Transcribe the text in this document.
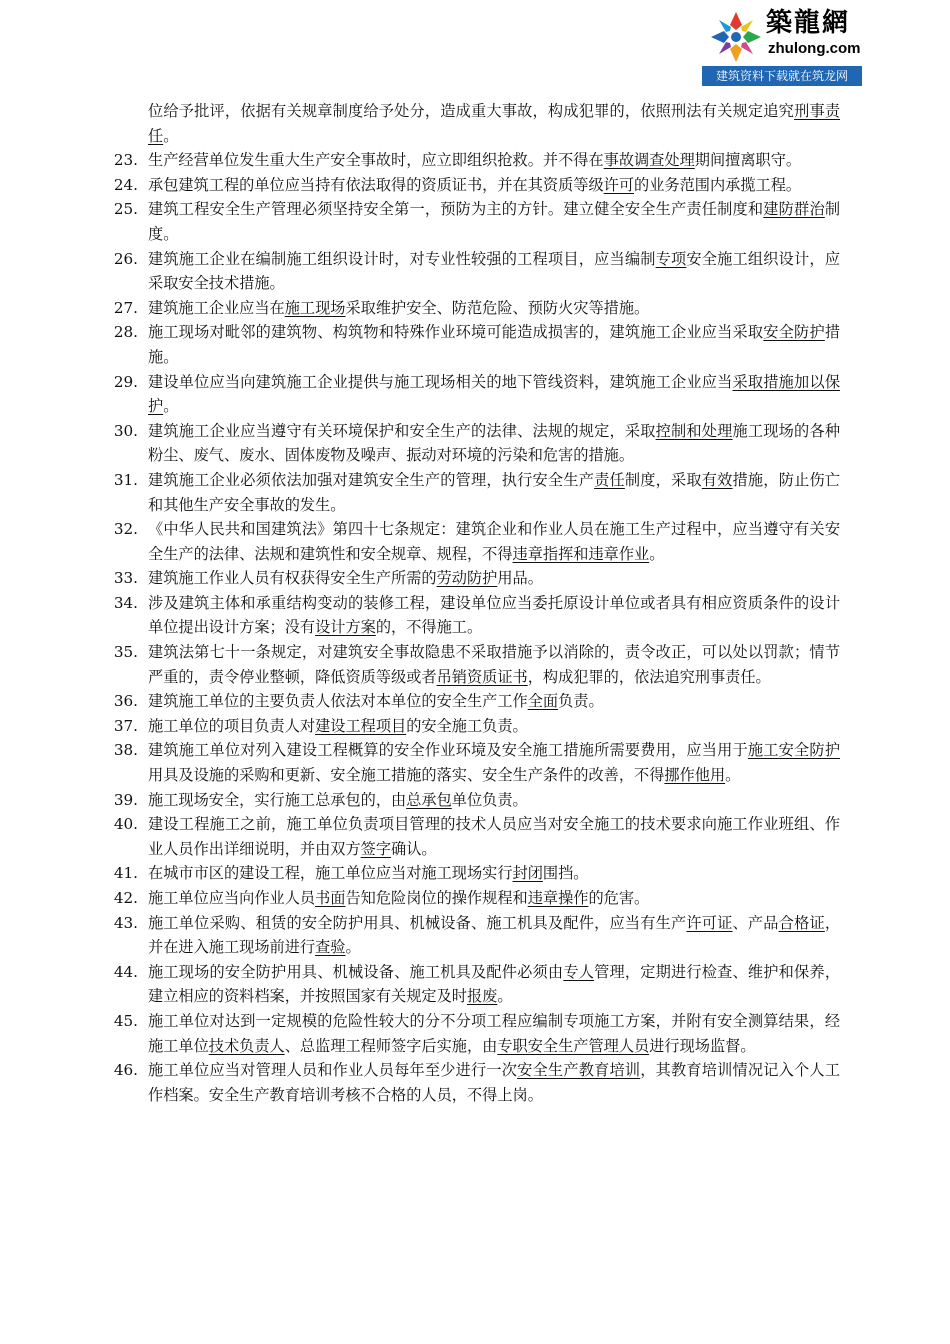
築龍網
zhulong.com
建筑资料下载就在筑龙网
位给予批评，依据有关规章制度给予处分，造成重大事故，构成犯罪的，依照刑法有关规定追究刑事责任。
23. 生产经营单位发生重大生产安全事故时，应立即组织抢救。并不得在事故调查处理期间擅离职守。
24. 承包建筑工程的单位应当持有依法取得的资质证书，并在其资质等级许可的业务范围内承揽工程。
25. 建筑工程安全生产管理必须坚持安全第一，预防为主的方针。建立健全安全生产责任制度和建防群治制度。
26. 建筑施工企业在编制施工组织设计时，对专业性较强的工程项目，应当编制专项安全施工组织设计，应采取安全技术措施。
27. 建筑施工企业应当在施工现场采取维护安全、防范危险、预防火灾等措施。
28. 施工现场对毗邻的建筑物、构筑物和特殊作业环境可能造成损害的，建筑施工企业应当采取安全防护措施。
29. 建设单位应当向建筑施工企业提供与施工现场相关的地下管线资料，建筑施工企业应当采取措施加以保护。
30. 建筑施工企业应当遵守有关环境保护和安全生产的法律、法规的规定，采取控制和处理施工现场的各种粉尘、废气、废水、固体废物及噪声、振动对环境的污染和危害的措施。
31. 建筑施工企业必须依法加强对建筑安全生产的管理，执行安全生产责任制度，采取有效措施，防止伤亡和其他生产安全事故的发生。
32. 《中华人民共和国建筑法》第四十七条规定：建筑企业和作业人员在施工生产过程中，应当遵守有关安全生产的法律、法规和建筑性和安全规章、规程，不得违章指挥和违章作业。
33. 建筑施工作业人员有权获得安全生产所需的劳动防护用品。
34. 涉及建筑主体和承重结构变动的装修工程，建设单位应当委托原设计单位或者具有相应资质条件的设计单位提出设计方案；没有设计方案的，不得施工。
35. 建筑法第七十一条规定，对建筑安全事故隐患不采取措施予以消除的，责令改正，可以处以罚款；情节严重的，责令停业整顿，降低资质等级或者吊销资质证书，构成犯罪的，依法追究刑事责任。
36. 建筑施工单位的主要负责人依法对本单位的安全生产工作全面负责。
37. 施工单位的项目负责人对建设工程项目的安全施工负责。
38. 建筑施工单位对列入建设工程概算的安全作业环境及安全施工措施所需要费用，应当用于施工安全防护用具及设施的采购和更新、安全施工措施的落实、安全生产条件的改善，不得挪作他用。
39. 施工现场安全，实行施工总承包的，由总承包单位负责。
40. 建设工程施工之前，施工单位负责项目管理的技术人员应当对安全施工的技术要求向施工作业班组、作业人员作出详细说明，并由双方签字确认。
41. 在城市市区的建设工程，施工单位应当对施工现场实行封闭围挡。
42. 施工单位应当向作业人员书面告知危险岗位的操作规程和违章操作的危害。
43. 施工单位采购、租赁的安全防护用具、机械设备、施工机具及配件，应当有生产许可证、产品合格证，并在进入施工现场前进行查验。
44. 施工现场的安全防护用具、机械设备、施工机具及配件必须由专人管理，定期进行检查、维护和保养，建立相应的资料档案，并按照国家有关规定及时报废。
45. 施工单位对达到一定规模的危险性较大的分不分项工程应编制专项施工方案，并附有安全测算结果，经施工单位技术负责人、总监理工程师签字后实施，由专职安全生产管理人员进行现场监督。
46. 施工单位应当对管理人员和作业人员每年至少进行一次安全生产教育培训，其教育培训情况记入个人工作档案。安全生产教育培训考核不合格的人员，不得上岗。
